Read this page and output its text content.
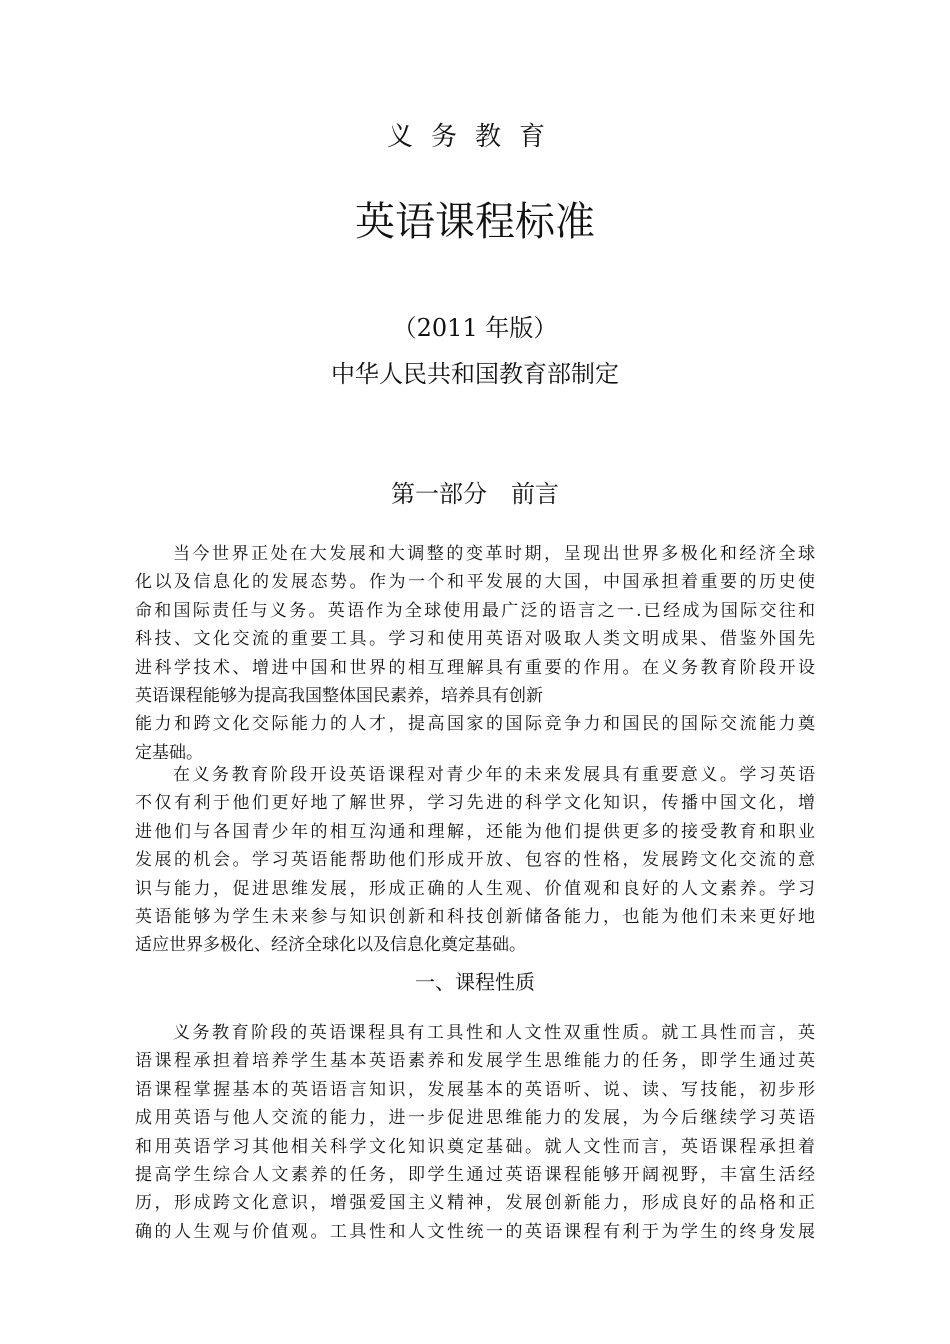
义务教育
英语课程标准
（2011 年版）
中华人民共和国教育部制定
第一部分　前言
当今世界正处在大发展和大调整的变革时期，呈现出世界多极化和经济全球
化以及信息化的发展态势。作为一个和平发展的大国，中国承担着重要的历史使
命和国际责任与义务。英语作为全球使用最广泛的语言之一.已经成为国际交往和
科技、文化交流的重要工具。学习和使用英语对吸取人类文明成果、借鉴外国先
进科学技术、增进中国和世界的相互理解具有重要的作用。在义务教育阶段开设
英语课程能够为提高我国整体国民素养，培养具有创新
能力和跨文化交际能力的人才，提高国家的国际竞争力和国民的国际交流能力奠
定基础。
在义务教育阶段开设英语课程对青少年的未来发展具有重要意义。学习英语
不仅有利于他们更好地了解世界，学习先进的科学文化知识，传播中国文化，增
进他们与各国青少年的相互沟通和理解，还能为他们提供更多的接受教育和职业
发展的机会。学习英语能帮助他们形成开放、包容的性格，发展跨文化交流的意
识与能力，促进思维发展，形成正确的人生观、价值观和良好的人文素养。学习
英语能够为学生未来参与知识创新和科技创新储备能力，也能为他们未来更好地
适应世界多极化、经济全球化以及信息化奠定基础。
一、课程性质
义务教育阶段的英语课程具有工具性和人文性双重性质。就工具性而言，英
语课程承担着培养学生基本英语素养和发展学生思维能力的任务，即学生通过英
语课程掌握基本的英语语言知识，发展基本的英语听、说、读、写技能，初步形
成用英语与他人交流的能力，进一步促进思维能力的发展，为今后继续学习英语
和用英语学习其他相关科学文化知识奠定基础。就人文性而言，英语课程承担着
提高学生综合人文素养的任务，即学生通过英语课程能够开阔视野，丰富生活经
历，形成跨文化意识，增强爱国主义精神，发展创新能力，形成良好的品格和正
确的人生观与价值观。工具性和人文性统一的英语课程有利于为学生的终身发展
